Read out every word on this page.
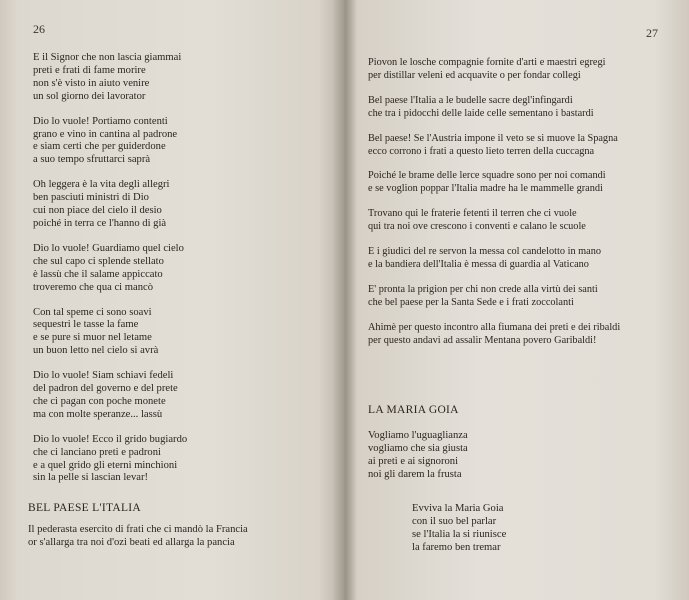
26
E il Signor che non lascia giammai
preti e frati di fame morire
non s'è visto in aiuto venire
un sol giorno dei lavorator
Dio lo vuole! Portiamo contenti
grano e vino in cantina al padrone
e siam certi che per guiderdone
a suo tempo sfruttarci saprà
Oh leggera è la vita degli allegri
ben pasciuti ministri di Dio
cui non piace del cielo il desio
poiché in terra ce l'hanno di già
Dio lo vuole! Guardiamo quel cielo
che sul capo ci splende stellato
è lassù che il salame appiccato
troveremo che qua ci mancò
Con tal speme ci sono soavi
sequestri le tasse la fame
e se pure si muor nel letame
un buon letto nel cielo si avrà
Dio lo vuole! Siam schiavi fedeli
del padron del governo e del prete
che ci pagan con poche monete
ma con molte speranze... lassù
Dio lo vuole! Ecco il grido bugiardo
che ci lanciano preti e padroni
e a quel grido gli eterni minchioni
sin la pelle si lascian levar!

BEL PAESE L'ITALIA

Il pederasta esercito di frati che ci mandò la Francia
or s'allarga tra noi d'ozi beati ed allarga la pancia
27
Piovon le losche compagnie fornite d'arti e maestri egregi
per distillar veleni ed acquavite o per fondar collegi
Bel paese l'Italia a le budelle sacre degl'infingardi
che tra i pidocchi delle laide celle sementano i bastardi
Bel paese! Se l'Austria impone il veto se si muove la Spagna
ecco corrono i frati a questo lieto terren della cuccagna
Poiché le brame delle lerce squadre sono per noi comandi
e se voglion poppar l'Italia madre ha le mammelle grandi
Trovano qui le fraterie fetenti il terren che ci vuole
qui tra noi ove crescono i conventi e calano le scuole
E i giudici del re servon la messa col candelotto in mano
e la bandiera dell'Italia è messa di guardia al Vaticano
E' pronta la prigion per chi non crede alla virtù dei santi
che bel paese per la Santa Sede e i frati zoccolanti
Ahimè per questo incontro alla fiumana dei preti e dei ribaldi
per questo andavi ad assalir Mentana povero Garibaldi!

LA MARIA GOIA

Vogliamo l'uguaglianza
vogliamo che sia giusta
ai preti e ai signoroni
noi gli darem la frusta
Evviva la Maria Goia
con il suo bel parlar
se l'Italia la si riunisce
la faremo ben tremar
